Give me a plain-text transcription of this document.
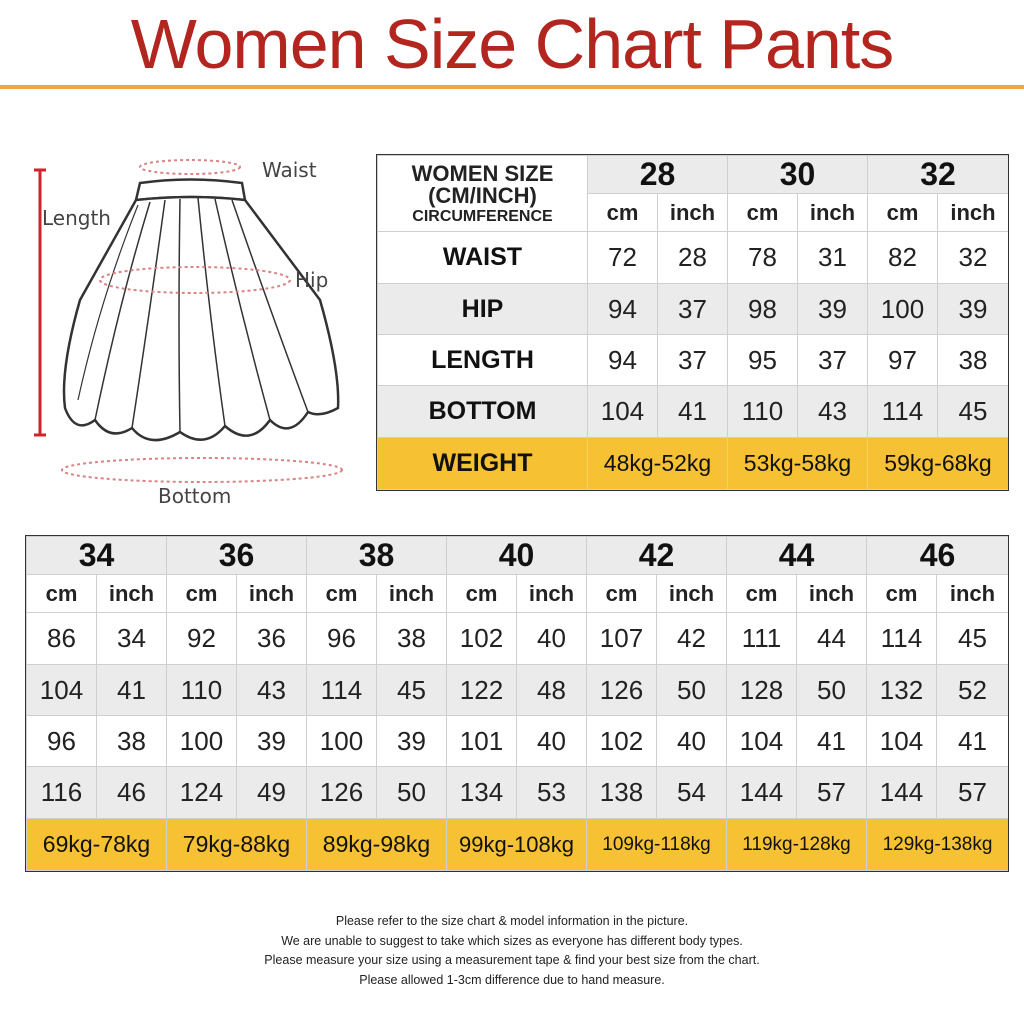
Women Size Chart Pants
Waist
Length
Hip
Bottom
WOMEN SIZE
(CM/INCH)
CIRCUMFERENCE	28		30		32	
	cm	inch	cm	inch	cm	inch
WAIST	72	28	78	31	82	32
HIP	94	37	98	39	100	39
LENGTH	94	37	95	37	97	38
BOTTOM	104	41	110	43	114	45
WEIGHT	48kg-52kg		53kg-58kg		59kg-68kg	
34		36		38		40		42		44		46	
cm	inch	cm	inch	cm	inch	cm	inch	cm	inch	cm	inch	cm	inch
86	34	92	36	96	38	102	40	107	42	111	44	114	45
104	41	110	43	114	45	122	48	126	50	128	50	132	52
96	38	100	39	100	39	101	40	102	40	104	41	104	41
116	46	124	49	126	50	134	53	138	54	144	57	144	57
69kg-78kg		79kg-88kg		89kg-98kg		99kg-108kg		109kg-118kg		119kg-128kg		129kg-138kg	
Please refer to the size chart & model information in the picture.
We are unable to suggest to take which sizes as everyone has different body types.
Please measure your size using a measurement tape & find your best size from the chart.
Please allowed 1-3cm difference due to hand measure.
